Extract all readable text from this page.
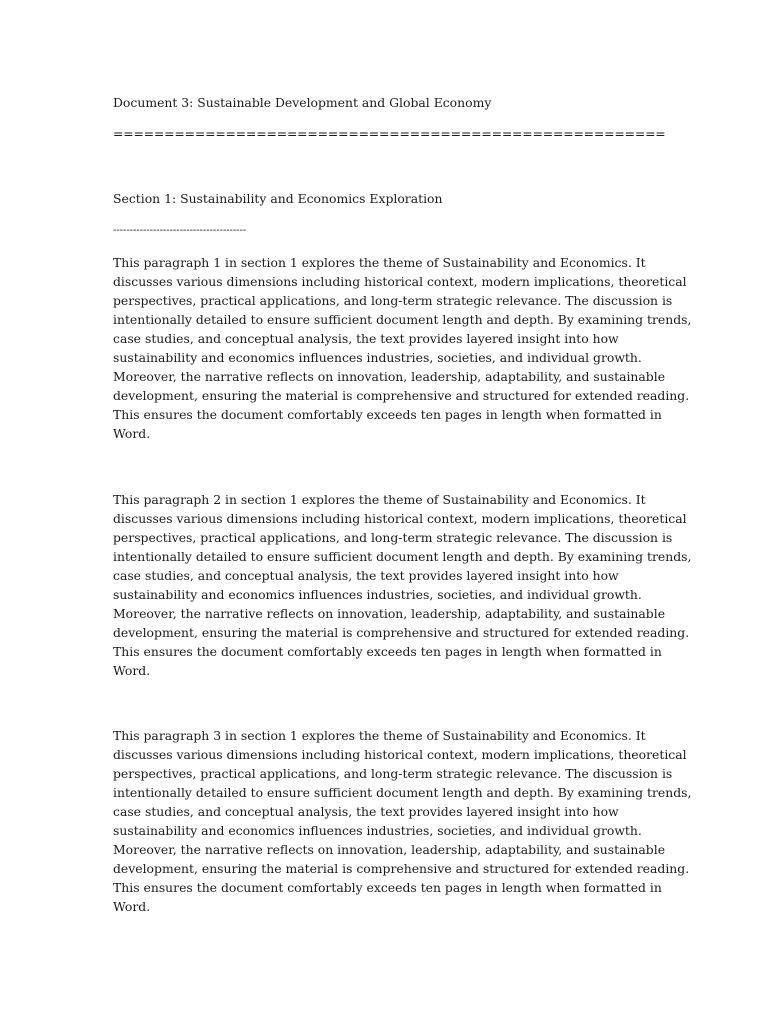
Document 3: Sustainable Development and Global Economy
======================================================
Section 1: Sustainability and Economics Exploration
----------------------------------------

This paragraph 1 in section 1 explores the theme of Sustainability and Economics. It
discusses various dimensions including historical context, modern implications, theoretical
perspectives, practical applications, and long-term strategic relevance. The discussion is
intentionally detailed to ensure sufficient document length and depth. By examining trends,
case studies, and conceptual analysis, the text provides layered insight into how
sustainability and economics influences industries, societies, and individual growth.
Moreover, the narrative reflects on innovation, leadership, adaptability, and sustainable
development, ensuring the material is comprehensive and structured for extended reading.
This ensures the document comfortably exceeds ten pages in length when formatted in
Word.

This paragraph 2 in section 1 explores the theme of Sustainability and Economics. It
discusses various dimensions including historical context, modern implications, theoretical
perspectives, practical applications, and long-term strategic relevance. The discussion is
intentionally detailed to ensure sufficient document length and depth. By examining trends,
case studies, and conceptual analysis, the text provides layered insight into how
sustainability and economics influences industries, societies, and individual growth.
Moreover, the narrative reflects on innovation, leadership, adaptability, and sustainable
development, ensuring the material is comprehensive and structured for extended reading.
This ensures the document comfortably exceeds ten pages in length when formatted in
Word.

This paragraph 3 in section 1 explores the theme of Sustainability and Economics. It
discusses various dimensions including historical context, modern implications, theoretical
perspectives, practical applications, and long-term strategic relevance. The discussion is
intentionally detailed to ensure sufficient document length and depth. By examining trends,
case studies, and conceptual analysis, the text provides layered insight into how
sustainability and economics influences industries, societies, and individual growth.
Moreover, the narrative reflects on innovation, leadership, adaptability, and sustainable
development, ensuring the material is comprehensive and structured for extended reading.
This ensures the document comfortably exceeds ten pages in length when formatted in
Word.
